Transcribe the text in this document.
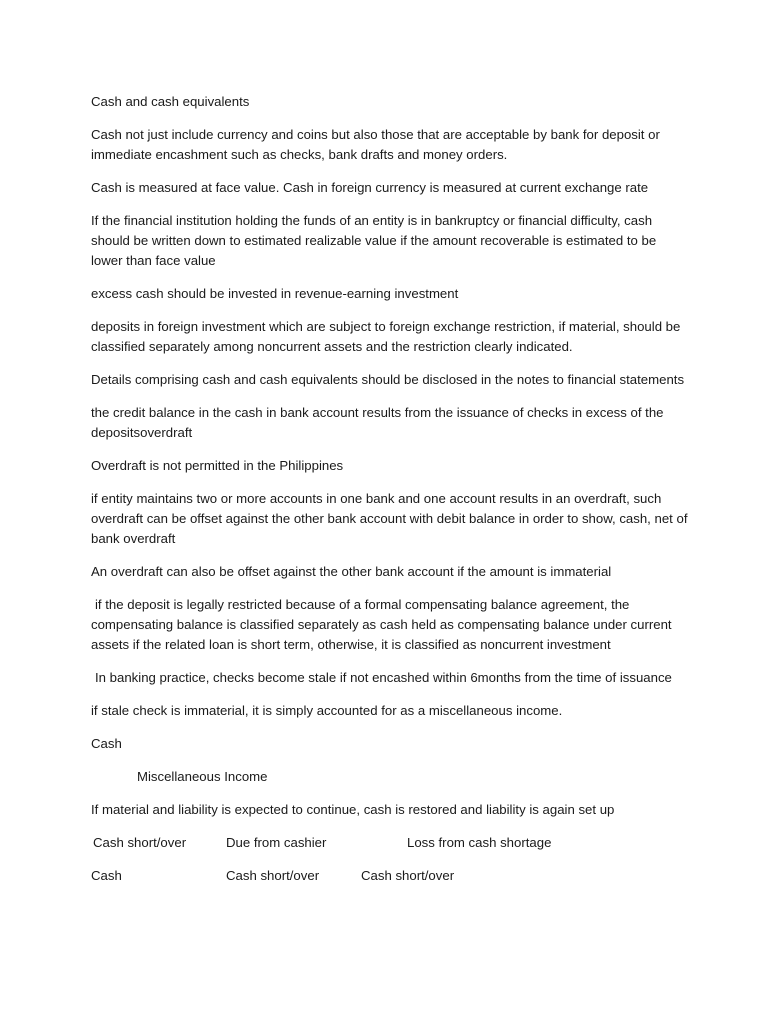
Cash and cash equivalents

Cash not just include currency and coins but also those that are acceptable by bank for deposit or immediate encashment such as checks, bank drafts and money orders.

Cash is measured at face value. Cash in foreign currency is measured at current exchange rate

If the financial institution holding the funds of an entity is in bankruptcy or financial difficulty, cash should be written down to estimated realizable value if the amount recoverable is estimated to be lower than face value

excess cash should be invested in revenue-earning investment

deposits in foreign investment which are subject to foreign exchange restriction, if material, should be classified separately among noncurrent assets and the restriction clearly indicated.

Details comprising cash and cash equivalents should be disclosed in the notes to financial statements

the credit balance in the cash in bank account results from the issuance of checks in excess of the depositsoverdraft

Overdraft is not permitted in the Philippines

if entity maintains two or more accounts in one bank and one account results in an overdraft, such overdraft can be offset against the other bank account with debit balance in order to show, cash, net of bank overdraft

An overdraft can also be offset against the other bank account if the amount is immaterial

if the deposit is legally restricted because of a formal compensating balance agreement, the compensating balance is classified separately as cash held as compensating balance under current assets if the related loan is short term, otherwise, it is classified as noncurrent investment

In banking practice, checks become stale if not encashed within 6months from the time of issuance

if stale check is immaterial, it is simply accounted for as a miscellaneous income.

Cash

Miscellaneous Income

If material and liability is expected to continue, cash is restored and liability is again set up

Cash short/over	Due from cashier	Loss from cash shortage
Cash	Cash short/over	Cash short/over
